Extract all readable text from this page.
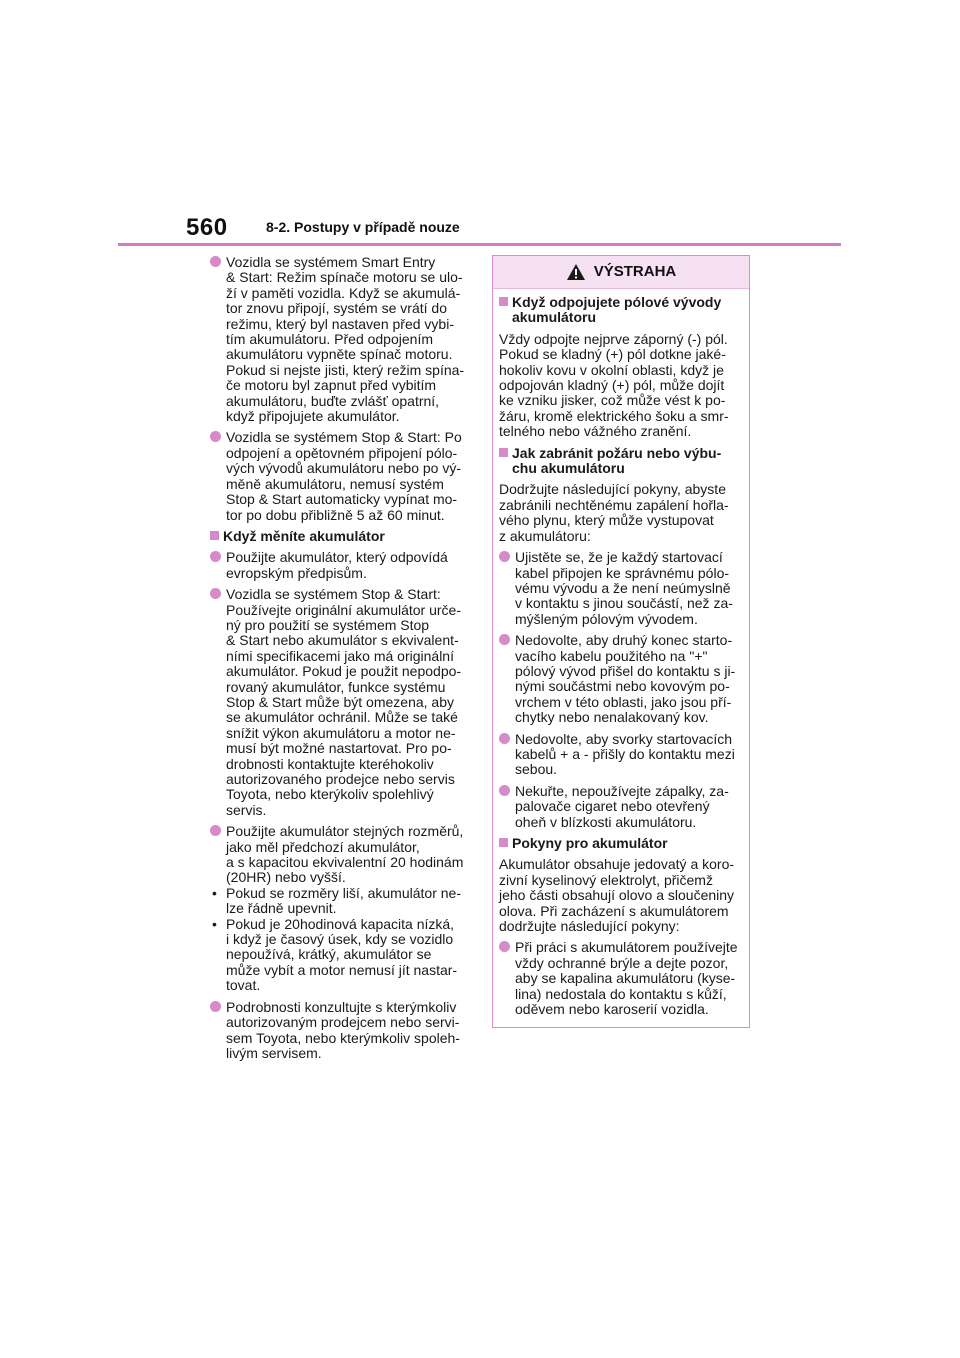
560	8-2. Postupy v případě nouze
Vozidla se systémem Smart Entry
& Start: Režim spínače motoru se ulo-
ží v paměti vozidla. Když se akumulá-
tor znovu připojí, systém se vrátí do
režimu, který byl nastaven před vybi-
tím akumulátoru. Před odpojením
akumulátoru vypněte spínač motoru.
Pokud si nejste jisti, který režim spína-
če motoru byl zapnut před vybitím
akumulátoru, buďte zvlášť opatrní,
když připojujete akumulátor.
Vozidla se systémem Stop & Start: Po
odpojení a opětovném připojení pólo-
vých vývodů akumulátoru nebo po vý-
měně akumulátoru, nemusí systém
Stop & Start automaticky vypínat mo-
tor po dobu přibližně 5 až 60 minut.
Když měníte akumulátor
Použijte akumulátor, který odpovídá
evropským předpisům.
Vozidla se systémem Stop & Start:
Používejte originální akumulátor urče-
ný pro použití se systémem Stop
& Start nebo akumulátor s ekvivalent-
ními specifikacemi jako má originální
akumulátor. Pokud je použit nepodpo-
rovaný akumulátor, funkce systému
Stop & Start může být omezena, aby
se akumulátor ochránil. Může se také
snížit výkon akumulátoru a motor ne-
musí být možné nastartovat. Pro po-
drobnosti kontaktujte kteréhokoliv
autorizovaného prodejce nebo servis
Toyota, nebo kterýkoliv spolehlivý
servis.
Použijte akumulátor stejných rozměrů,
jako měl předchozí akumulátor,
a s kapacitou ekvivalentní 20 hodinám
(20HR) nebo vyšší.
• Pokud se rozměry liší, akumulátor ne-
lze řádně upevnit.
• Pokud je 20hodinová kapacita nízká,
i když je časový úsek, kdy se vozidlo
nepoužívá, krátký, akumulátor se
může vybít a motor nemusí jít nastar-
tovat.
Podrobnosti konzultujte s kterýmkoliv
autorizovaným prodejcem nebo servi-
sem Toyota, nebo kterýmkoliv spoleh-
livým servisem.
VÝSTRAHA
Když odpojujete pólové vývody
akumulátoru
Vždy odpojte nejprve záporný (-) pól.
Pokud se kladný (+) pól dotkne jaké-
hokoliv kovu v okolní oblasti, když je
odpojován kladný (+) pól, může dojít
ke vzniku jisker, což může vést k po-
žáru, kromě elektrického šoku a smr-
telného nebo vážného zranění.
Jak zabránit požáru nebo výbu-
chu akumulátoru
Dodržujte následující pokyny, abyste
zabránili nechtěnému zapálení hořla-
vého plynu, který může vystupovat
z akumulátoru:
Ujistěte se, že je každý startovací
kabel připojen ke správnému pólo-
vému vývodu a že není neúmyslně
v kontaktu s jinou součástí, než za-
mýšleným pólovým vývodem.
Nedovolte, aby druhý konec starto-
vacího kabelu použitého na "+"
pólový vývod přišel do kontaktu s ji-
nými součástmi nebo kovovým po-
vrchem v této oblasti, jako jsou pří-
chytky nebo nenalakovaný kov.
Nedovolte, aby svorky startovacích
kabelů + a - přišly do kontaktu mezi
sebou.
Nekuřte, nepoužívejte zápalky, za-
palovače cigaret nebo otevřený
oheň v blízkosti akumulátoru.
Pokyny pro akumulátor
Akumulátor obsahuje jedovatý a koro-
zivní kyselinový elektrolyt, přičemž
jeho části obsahují olovo a sloučeniny
olova. Při zacházení s akumulátorem
dodržujte následující pokyny:
Při práci s akumulátorem používejte
vždy ochranné brýle a dejte pozor,
aby se kapalina akumulátoru (kyse-
lina) nedostala do kontaktu s kůží,
oděvem nebo karoserií vozidla.
